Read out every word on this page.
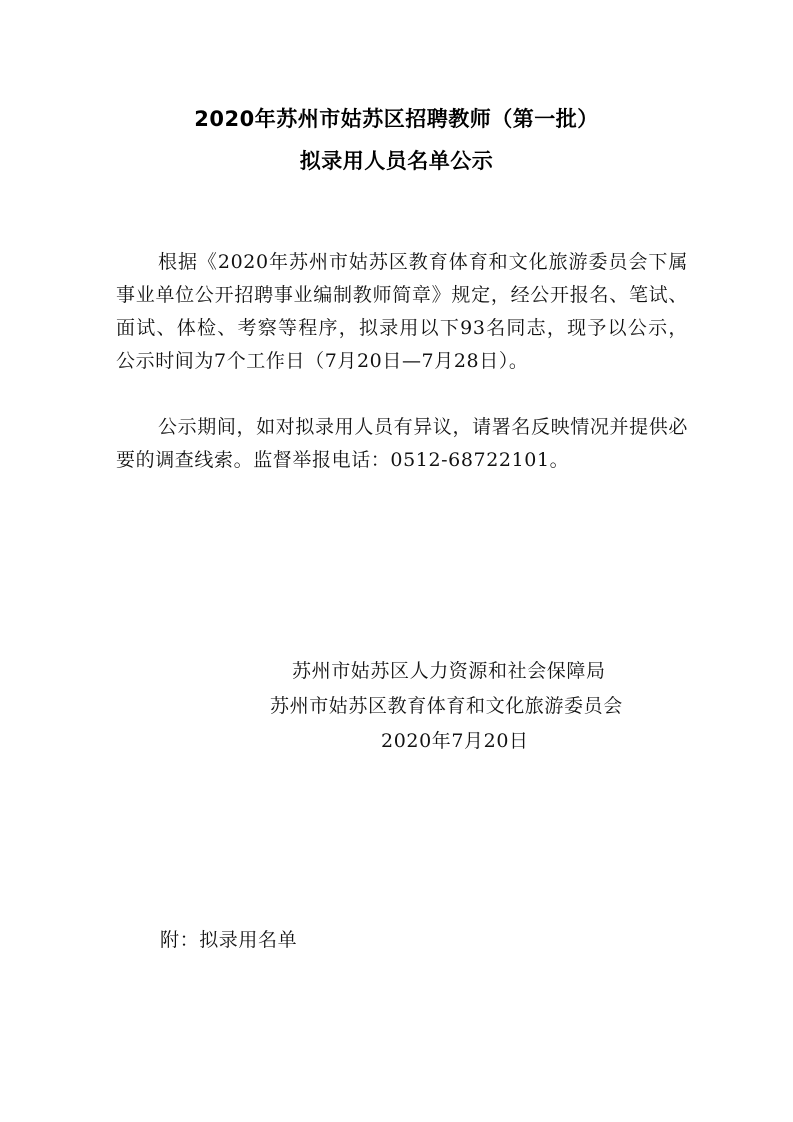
2020年苏州市姑苏区招聘教师（第一批）
拟录用人员名单公示

根据《2020年苏州市姑苏区教育体育和文化旅游委员会下属事业单位公开招聘事业编制教师简章》规定，经公开报名、笔试、面试、体检、考察等程序，拟录用以下93名同志，现予以公示，公示时间为7个工作日（7月20日—7月28日）。

公示期间，如对拟录用人员有异议，请署名反映情况并提供必要的调查线索。监督举报电话：0512-68722101。

苏州市姑苏区人力资源和社会保障局
苏州市姑苏区教育体育和文化旅游委员会
2020年7月20日
附：拟录用名单
